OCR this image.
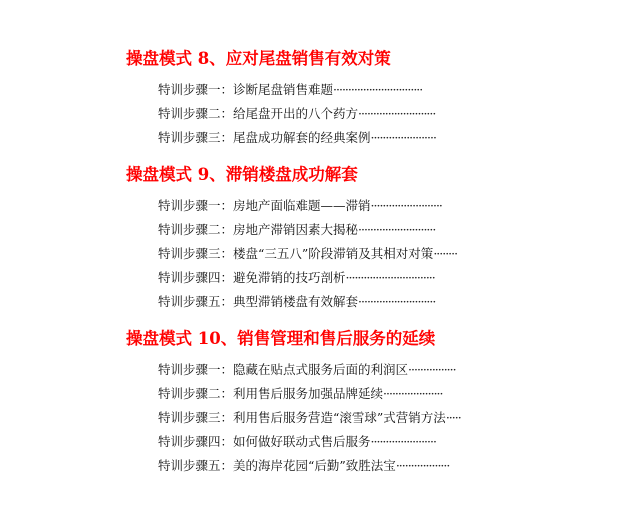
操盘模式 8、应对尾盘销售有效对策
特训步骤一：诊断尾盘销售难题······························
特训步骤二：给尾盘开出的八个药方··························
特训步骤三：尾盘成功解套的经典案例······················
操盘模式 9、滞销楼盘成功解套
特训步骤一：房地产面临难题——滞销························
特训步骤二：房地产滞销因素大揭秘··························
特训步骤三：楼盘“三五八”阶段滞销及其相对对策········
特训步骤四：避免滞销的技巧剖析······························
特训步骤五：典型滞销楼盘有效解套··························
操盘模式 10、销售管理和售后服务的延续
特训步骤一：隐藏在贴点式服务后面的利润区················
特训步骤二：利用售后服务加强品牌延续····················
特训步骤三：利用售后服务营造“滚雪球”式营销方法·····
特训步骤四：如何做好联动式售后服务······················
特训步骤五：美的海岸花园“后勤”致胜法宝··················
